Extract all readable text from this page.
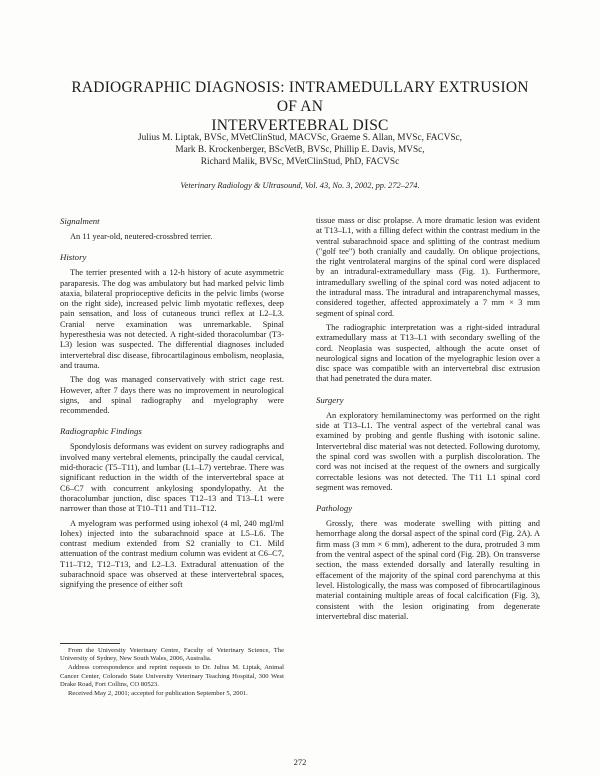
RADIOGRAPHIC DIAGNOSIS: INTRAMEDULLARY EXTRUSION OF AN
INTERVERTEBRAL DISC
Julius M. Liptak, BVSc, MVetClinStud, MACVSc, Graeme S. Allan, MVSc, FACVSc,
Mark B. Krockenberger, BScVetB, BVSc, Phillip E. Davis, MVSc,
Richard Malik, BVSc, MVetClinStud, PhD, FACVSc
Veterinary Radiology & Ultrasound, Vol. 43, No. 3, 2002, pp. 272–274.
Signalment

An 11 year-old, neutered-crossbred terrier.

History

The terrier presented with a 12-h history of acute asymmetric paraparesis. The dog was ambulatory but had marked pelvic limb ataxia, bilateral proprioceptive deficits in the pelvic limbs (worse on the right side), increased pelvic limb myotatic reflexes, deep pain sensation, and loss of cutaneous trunci reflex at L2–L3. Cranial nerve examination was unremarkable. Spinal hyperesthesia was not detected. A right-sided thoracolumbar (T3-L3) lesion was suspected. The differential diagnoses included intervertebral disc disease, fibrocartilaginous embolism, neoplasia, and trauma.

The dog was managed conservatively with strict cage rest. However, after 7 days there was no improvement in neurological signs, and spinal radiography and myelography were recommended.

Radiographic Findings

Spondylosis deformans was evident on survey radiographs and involved many vertebral elements, principally the caudal cervical, mid-thoracic (T5–T11), and lumbar (L1–L7) vertebrae. There was significant reduction in the width of the intervertebral space at C6–C7 with concurrent ankylosing spondylopathy. At the thoracolumbar junction, disc spaces T12–13 and T13–L1 were narrower than those at T10–T11 and T11–T12.

A myelogram was performed using iohexol (4 ml, 240 mgI/ml Iohex) injected into the subarachnoid space at L5–L6. The contrast medium extended from S2 cranially to C1. Mild attenuation of the contrast medium column was evident at C6–C7, T11–T12, T12–T13, and L2–L3. Extradural attenuation of the subarachnoid space was observed at these intervertebral spaces, signifying the presence of either soft

tissue mass or disc prolapse. A more dramatic lesion was evident at T13–L1, with a filling defect within the contrast medium in the ventral subarachnoid space and splitting of the contrast medium ("golf tee") both cranially and caudally. On oblique projections, the right ventrolateral margins of the spinal cord were displaced by an intradural-extramedullary mass (Fig. 1). Furthermore, intramedullary swelling of the spinal cord was noted adjacent to the intradural mass. The intradural and intraparenchymal masses, considered together, affected approximately a 7 mm × 3 mm segment of spinal cord.

The radiographic interpretation was a right-sided intradural extramedullary mass at T13–L1 with secondary swelling of the cord. Neoplasia was suspected, although the acute onset of neurological signs and location of the myelographic lesion over a disc space was compatible with an intervertebral disc extrusion that had penetrated the dura mater.

Surgery

An exploratory hemilaminectomy was performed on the right side at T13–L1. The ventral aspect of the vertebral canal was examined by probing and gentle flushing with isotonic saline. Intervertebral disc material was not detected. Following durotomy, the spinal cord was swollen with a purplish discoloration. The cord was not incised at the request of the owners and surgically correctable lesions was not detected. The T11 L1 spinal cord segment was removed.

Pathology

Grossly, there was moderate swelling with pitting and hemorrhage along the dorsal aspect of the spinal cord (Fig. 2A). A firm mass (3 mm × 6 mm), adherent to the dura, protruded 3 mm from the ventral aspect of the spinal cord (Fig. 2B). On transverse section, the mass extended dorsally and laterally resulting in effacement of the majority of the spinal cord parenchyma at this level. Histologically, the mass was composed of fibrocartilaginous material containing multiple areas of focal calcification (Fig. 3), consistent with the lesion originating from degenerate intervertebral disc material.

From the University Veterinary Centre, Faculty of Veterinary Science, The University of Sydney, New South Wales, 2006, Australia.

Address correspondence and reprint requests to Dr. Julius M. Liptak, Animal Cancer Center, Colorado State University Veterinary Teaching Hospital, 300 West Drake Road, Fort Collins, CO 80523.

Received May 2, 2001; accepted for publication September 5, 2001.

272
